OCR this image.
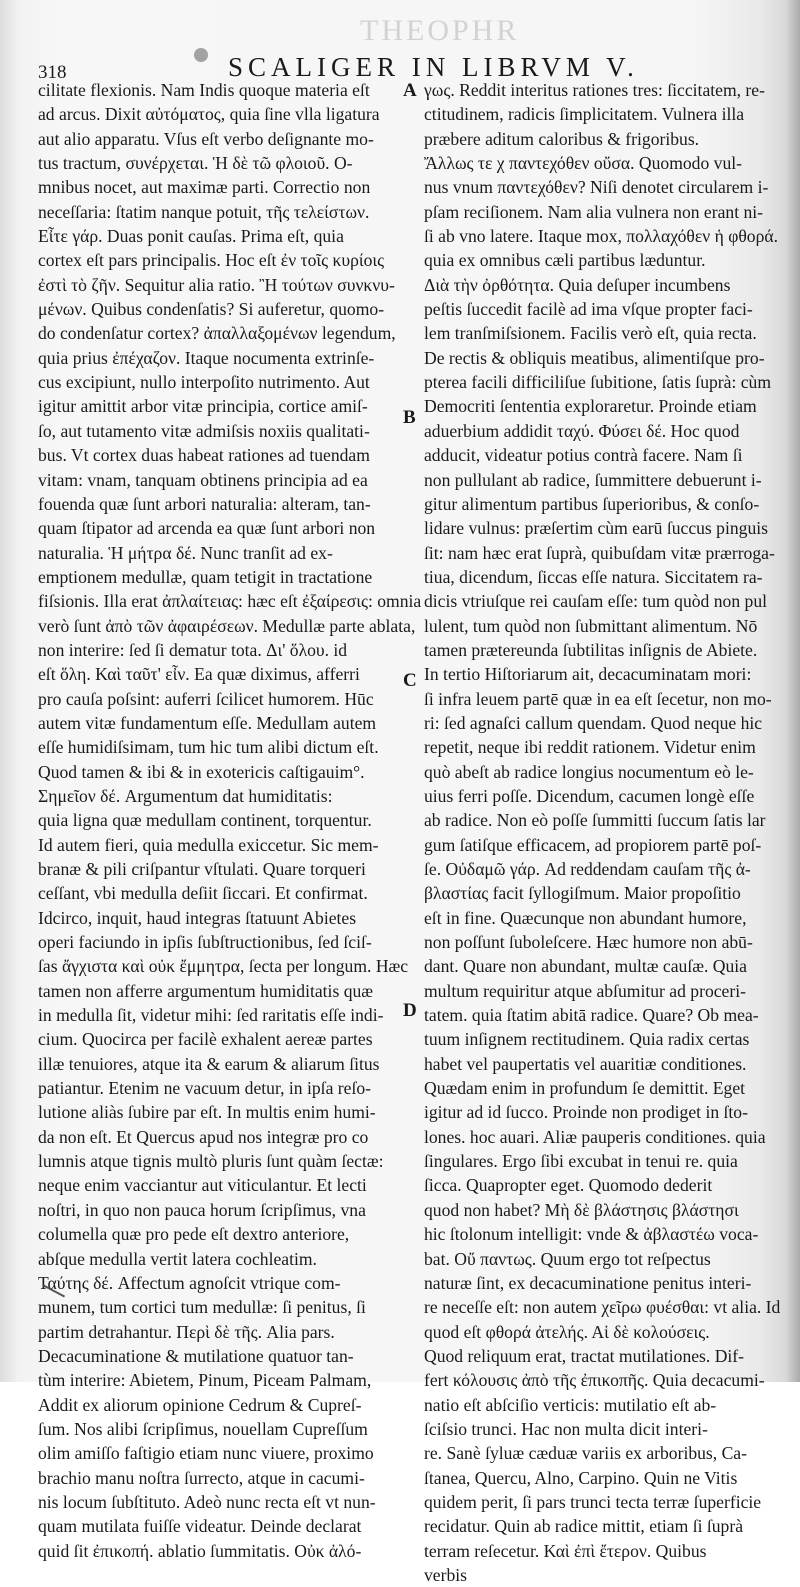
THEOPHR
318	SCALIGER IN LIBRVM V.
cilitate flexionis. Nam Indis quoque materia eſt
ad arcus. Dixit αὐτόματος, quia ſine vlla ligatura
aut alio apparatu. Vſus eſt verbo deſignante mo-
tus tractum, συνέρχεται. Ἡ δὲ τῶ φλοιοῦ. O-
mnibus nocet, aut maximæ parti. Correctio non
neceſſaria: ſtatim nanque potuit, τῆς τελείστων.
Εἶτε γάρ. Duas ponit cauſas. Prima eſt, quia
cortex eſt pars principalis. Hoc eſt ἐν τοῖς κυρίοις
ἐστὶ τὸ ζῆν. Sequitur alia ratio. Ἢ τούτων συνκνυ-
μένων. Quibus condenſatis? Si auferetur, quomo-
do condenſatur cortex? ἀπαλλαξομένων legendum,
quia prius ἐπέχαζον. Itaque nocumenta extrinſe-
cus excipiunt, nullo interpoſito nutrimento. Aut
igitur amittit arbor vitæ principia, cortice amiſ-
ſo, aut tutamento vitæ admiſsis noxiis qualitati-
bus. Vt cortex duas habeat rationes ad tuendam
vitam: vnam, tanquam obtinens principia ad ea
fouenda quæ ſunt arbori naturalia: alteram, tan-
quam ſtipator ad arcenda ea quæ ſunt arbori non
naturalia. Ἡ μήτρα δέ. Nunc tranſit ad ex-
emptionem medullæ, quam tetigit in tractatione
fiſsionis. Illa erat ἀπλαίτειας: hæc eſt ἐξαίρεσις: omnia
verò ſunt ἀπὸ τῶν ἀφαιρέσεων. Medullæ parte ablata,
non interire: ſed ſi dematur tota. Δι' ὅλου. id
eſt ὅλη. Καὶ ταῦτ' εἶν. Ea quæ diximus, afferri
pro cauſa poſsint: auferri ſcilicet humorem. Hūc
autem vitæ fundamentum eſſe. Medullam autem
eſſe humidiſsimam, tum hic tum alibi dictum eſt.
Quod tamen & ibi & in exotericis caſtigauim°.
Σημεῖον δέ. Argumentum dat humiditatis:
quia ligna quæ medullam continent, torquentur.
Id autem fieri, quia medulla exiccetur. Sic mem-
branæ & pili criſpantur vſtulati. Quare torqueri
ceſſant, vbi medulla deſiit ſiccari. Et confirmat.
Idcirco, inquit, haud integras ſtatuunt Abietes
operi faciundo in ipſis ſubſtructionibus, ſed ſciſ-
ſas ἄγχιστα καὶ οὐκ ἔμμητρα, ſecta per longum. Hæc
tamen non afferre argumentum humiditatis quæ
in medulla ſit, videtur mihi: ſed raritatis eſſe indi-
cium. Quocirca per facilè exhalent aereæ partes
illæ tenuiores, atque ita & earum & aliarum ſitus
patiantur. Etenim ne vacuum detur, in ipſa reſo-
lutione aliàs ſubire par eſt. In multis enim humi-
da non eſt. Et Quercus apud nos integræ pro co
lumnis atque tignis multò pluris ſunt quàm ſectæ:
neque enim vacciantur aut viticulantur. Et lecti
noſtri, in quo non pauca horum ſcripſimus, vna
columella quæ pro pede eſt dextro anteriore,
abſque medulla vertit latera cochleatim.
Ταύτης δέ. Affectum agnoſcit vtrique com-
munem, tum cortici tum medullæ: ſi penitus, ſi
partim detrahantur. Περὶ δὲ τῆς. Alia pars.
Decacuminatione & mutilatione quatuor tan-
tùm interire: Abietem, Pinum, Piceam Palmam,
Addit ex aliorum opinione Cedrum & Cupreſ-
ſum. Nos alibi ſcripſimus, nouellam Cupreſſum
olim amiſſo faſtigio etiam nunc viuere, proximo
brachio manu noſtra ſurrecto, atque in cacumi-
nis locum ſubſtituto. Adeò nunc recta eſt vt nun-
quam mutilata fuiſſe videatur. Deinde declarat
quid ſit ἐπικοπή. ablatio ſummitatis. Οὐκ ἀλό-
γως. Reddit interitus rationes tres: ſiccitatem, re-
ctitudinem, radicis ſimplicitatem. Vulnera illa
præbere aditum caloribus & frigoribus.
Ἄλλως τε χ παντεχόθεν οὔσα. Quomodo vul-
nus vnum παντεχόθεν? Niſi denotet circularem i-
pſam reciſionem. Nam alia vulnera non erant ni-
ſi ab vno latere. Itaque mox, πολλαχόθεν ἡ φθορά.
quia ex omnibus cæli partibus læduntur.
Διὰ τὴν ὀρθότητα. Quia deſuper incumbens
peſtis ſuccedit facilè ad ima vſque propter faci-
lem tranſmiſsionem. Facilis verò eſt, quia recta.
De rectis & obliquis meatibus, alimentiſque pro-
pterea facili difficiliſue ſubitione, ſatis ſuprà: cùm
Democriti ſententia exploraretur. Proinde etiam
aduerbium addidit ταχύ. Φύσει δέ. Hoc quod
adducit, videatur potius contrà facere. Nam ſi
non pullulant ab radice, ſummittere debuerunt i-
gitur alimentum partibus ſuperioribus, & conſo-
lidare vulnus: præſertim cùm earū ſuccus pinguis
ſit: nam hæc erat ſuprà, quibuſdam vitæ prærroga-
tiua, dicendum, ſiccas eſſe natura. Siccitatem ra-
dicis vtriuſque rei cauſam eſſe: tum quòd non pul
lulent, tum quòd non ſubmittant alimentum. Nō
tamen prætereunda ſubtilitas inſignis de Abiete.
In tertio Hiſtoriarum ait, decacuminatam mori:
ſi infra leuem partē quæ in ea eſt ſecetur, non mo-
ri: ſed agnaſci callum quendam. Quod neque hic
repetit, neque ibi reddit rationem. Videtur enim
quò abeſt ab radice longius nocumentum eò le-
uius ferri poſſe. Dicendum, cacumen longè eſſe
ab radice. Non eò poſſe ſummitti ſuccum ſatis lar
gum ſatiſque efficacem, ad propiorem partē poſ-
ſe. Οὐδαμῶ γάρ. Ad reddendam cauſam τῆς ἀ-
βλαστίας facit ſyllogiſmum. Maior propoſitio
eſt in fine. Quæcunque non abundant humore,
non poſſunt ſuboleſcere. Hæc humore non abū-
dant. Quare non abundant, multæ cauſæ. Quia
multum requiritur atque abſumitur ad proceri-
tatem. quia ſtatim abitā radice. Quare? Ob mea-
tuum inſignem rectitudinem. Quia radix certas
habet vel paupertatis vel auaritiæ conditiones.
Quædam enim in profundum ſe demittit. Eget
igitur ad id ſucco. Proinde non prodiget in ſto-
lones. hoc auari. Aliæ pauperis conditiones. quia
ſingulares. Ergo ſibi excubat in tenui re. quia
ſicca. Quapropter eget. Quomodo dederit
quod non habet? Μὴ δὲ βλάστησις βλάστησι
hic ſtolonum intelligit: vnde & ἀβλαστέω voca-
bat. Οὔ παντως. Quum ergo tot reſpectus
naturæ ſint, ex decacuminatione penitus interi-
re neceſſe eſt: non autem χεῖρω φυέσθαι: vt alia. Id
quod eſt φθορά ἀτελής. Αἱ δὲ κολούσεις.
Quod reliquum erat, tractat mutilationes. Dif-
fert κόλουσις ἀπὸ τῆς ἐπικοπῆς. Quia decacumi-
natio eſt abſciſio verticis: mutilatio eſt ab-
ſciſsio trunci. Hac non multa dicit interi-
re. Sanè ſyluæ cæduæ variis ex arboribus, Ca-
ſtanea, Quercu, Alno, Carpino. Quin ne Vitis
quidem perit, ſi pars trunci tecta terræ ſuperficie
recidatur. Quin ab radice mittit, etiam ſi ſuprà
terram reſecetur. Καὶ ἐπὶ ἔτερον. Quibus
verbis
A
B
C
D
